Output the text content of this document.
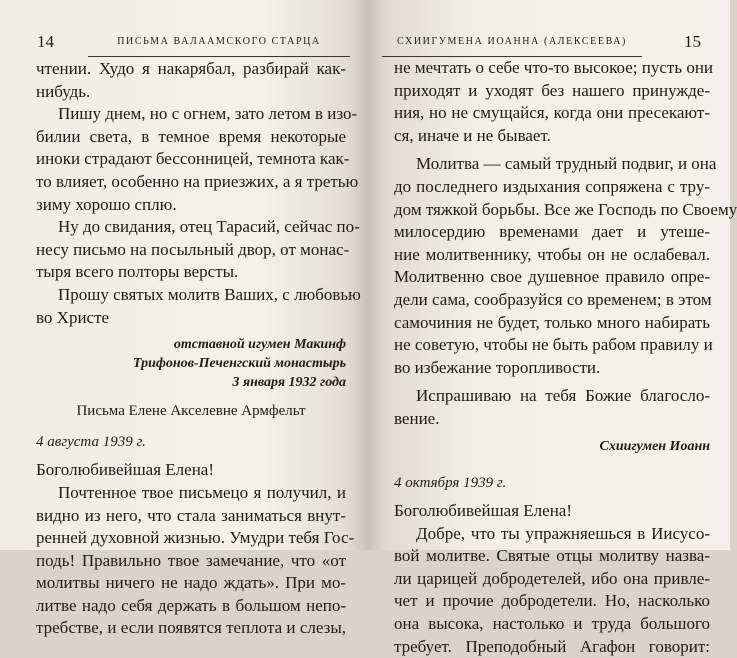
14	ПИСЬМА ВАЛААМСКОГО СТАРЦА
чтении. Худо я накарябал, разбирай как-
нибудь.
Пишу днем, но с огнем, зато летом в изо-
билии света, в темное время некоторые
иноки страдают бессонницей, темнота как-
то влияет, особенно на приезжих, а я третью
зиму хорошо сплю.
Ну до свидания, отец Тарасий, сейчас по-
несу письмо на посыльный двор, от монас-
тыря всего полторы версты.
Прошу святых молитв Ваших, с любовью
во Христе
отставной игумен Макинф
Трифонов-Печенгский монастырь
3 января 1932 года
Письма Елене Акселевне Армфельт
4 августа 1939 г.
Боголюбивейшая Елена!
Почтенное твое письмецо я получил, и
видно из него, что стала заниматься внут-
ренней духовной жизнью. Умудри тебя Гос-
подь! Правильно твое замечание, что «от
молитвы ничего не надо ждать». При мо-
литве надо себя держать в большом непо-
требстве, и если появятся теплота и слезы,
СХИИГУМЕНА ИОАННА (АЛЕКСЕЕВА)	15
не мечтать о себе что-то высокое; пусть они
приходят и уходят без нашего принужде-
ния, но не смущайся, когда они пресекают-
ся, иначе и не бывает.
Молитва — самый трудный подвиг, и она
до последнего издыхания сопряжена с тру-
дом тяжкой борьбы. Все же Господь по Своему
милосердию временами дает и утеше-
ние молитвеннику, чтобы он не ослабевал.
Молитвенно свое душевное правило опре-
дели сама, сообразуйся со временем; в этом
самочиния не будет, только много набирать
не советую, чтобы не быть рабом правилу и
во избежание торопливости.
Испрашиваю на тебя Божие благосло-
вение.
Схиигумен Иоанн
4 октября 1939 г.
Боголюбивейшая Елена!
Добре, что ты упражняешься в Иисусо-
вой молитве. Святые отцы молитву назва-
ли царицей добродетелей, ибо она привле-
чет и прочие добродетели. Но, насколько
она высока, настолько и труда большого
требует. Преподобный Агафон говорит:
